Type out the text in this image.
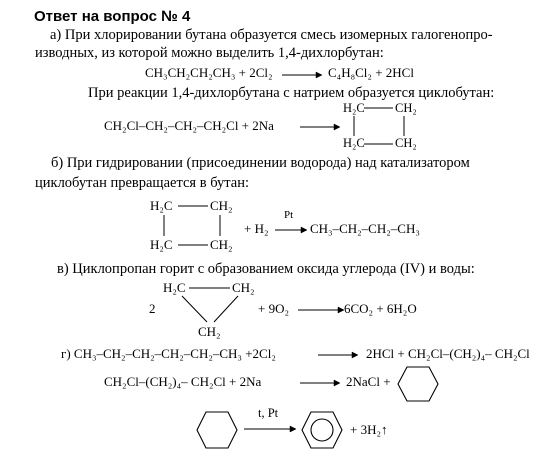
Ответ на вопрос № 4
а) При хлорировании бутана образуется смесь изомерных галогенопро-
изводных, из которой можно выделить 1,4-дихлорбутан:
CH₃CH₂CH₂CH₃ + 2Cl₂ → C₄H₈Cl₂ + 2HCl
При реакции 1,4-дихлорбутана с натрием образуется циклобутан:
CH₂Cl–CH₂–CH₂–CH₂Cl + 2Na
H₂C CH₂
H₂C CH₂
б) При гидрировании (присоединении водорода) над катализатором
циклобутан превращается в бутан:
H₂C	CH₂
H₂C	CH₂
+ H₂
Pt
→ CH₃–CH₂–CH₂–CH₃
в) Циклопропан горит с образованием оксида углерода (IV) и воды:
2
H₂C	CH₂
CH₂
+ 9O₂ → 6CO₂ + 6H₂O
г) CH₃–CH₂–CH₂–CH₂–CH₂–CH₃ +2Cl₂	→ 2HCl + CH₂Cl–(CH₂)₄– CH₂Cl
CH₂Cl–(CH₂)₄– CH₂Cl + 2Na → 2NaCl +
t, Pt
+ 3H₂↑
